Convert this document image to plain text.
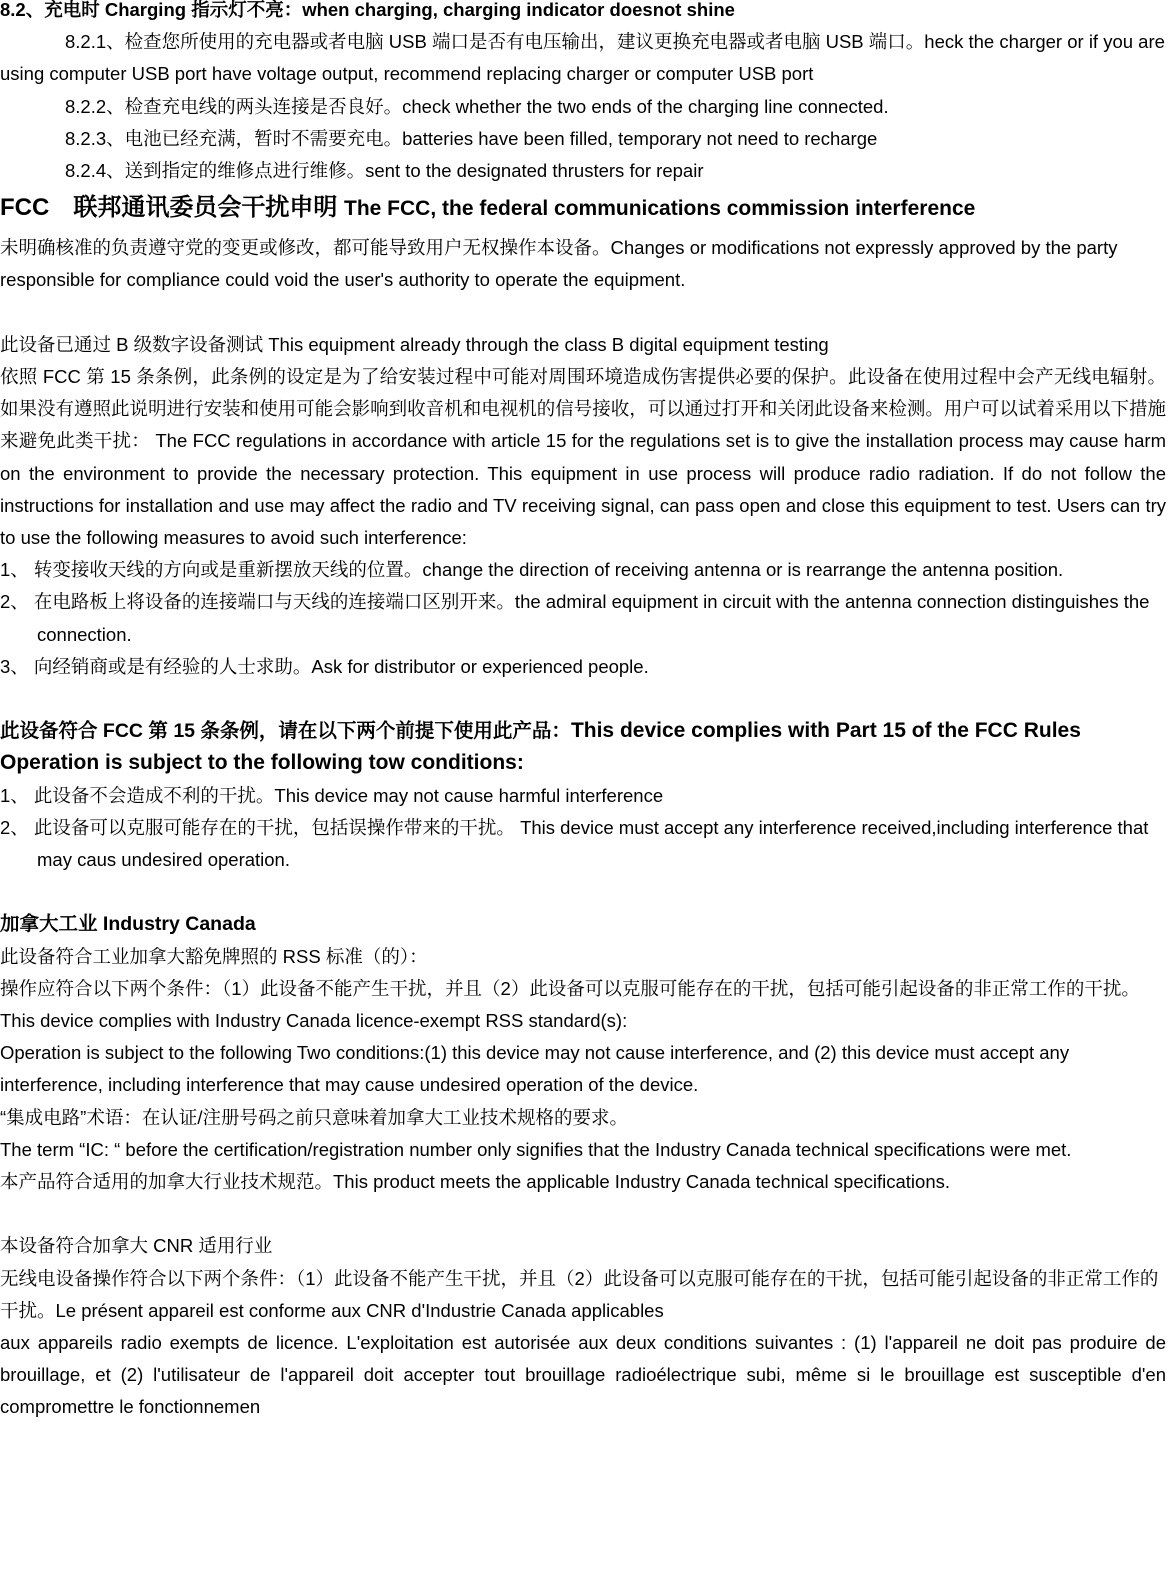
8.2、充电时 Charging 指示灯不亮：when charging, charging indicator doesnot shine

8.2.1、检查您所使用的充电器或者电脑 USB 端口是否有电压输出，建议更换充电器或者电脑 USB 端口。heck the charger or if you are using computer USB port have voltage output, recommend replacing charger or computer USB port

8.2.2、检查充电线的两头连接是否良好。check whether the two ends of the charging line connected.

8.2.3、电池已经充满，暂时不需要充电。batteries have been filled, temporary not need to recharge

8.2.4、送到指定的维修点进行维修。sent to the designated thrusters for repair

FCC　联邦通讯委员会干扰申明 The FCC, the federal communications commission interference

未明确核准的负责遵守党的变更或修改，都可能导致用户无权操作本设备。Changes or modifications not expressly approved by the party responsible for compliance could void the user's authority to operate the equipment.

此设备已通过 B 级数字设备测试 This equipment already through the class B digital equipment testing

依照 FCC 第 15 条条例，此条例的设定是为了给安装过程中可能对周围环境造成伤害提供必要的保护。此设备在使用过程中会产无线电辐射。如果没有遵照此说明进行安装和使用可能会影响到收音机和电视机的信号接收，可以通过打开和关闭此设备来检测。用户可以试着采用以下措施来避免此类干扰： The FCC regulations in accordance with article 15 for the regulations set is to give the installation process may cause harm on the environment to provide the necessary protection. This equipment in use process will produce radio radiation. If do not follow the instructions for installation and use may affect the radio and TV receiving signal, can pass open and close this equipment to test. Users can try to use the following measures to avoid such interference:

1、 转变接收天线的方向或是重新摆放天线的位置。change the direction of receiving antenna or is rearrange the antenna position.

2、 在电路板上将设备的连接端口与天线的连接端口区别开来。the admiral equipment in circuit with the antenna connection distinguishes the connection.

3、 向经销商或是有经验的人士求助。Ask for distributor or experienced people.

此设备符合 FCC 第 15 条条例，请在以下两个前提下使用此产品：This device complies with Part 15 of the FCC Rules Operation is subject to the following tow conditions:

1、 此设备不会造成不利的干扰。This device may not cause harmful interference

2、 此设备可以克服可能存在的干扰，包括误操作带来的干扰。 This device must accept any interference received,including interference that may caus undesired operation.

加拿大工业 Industry Canada

此设备符合工业加拿大豁免牌照的 RSS 标准（的）：

操作应符合以下两个条件：（1）此设备不能产生干扰，并且（2）此设备可以克服可能存在的干扰，包括可能引起设备的非正常工作的干扰。

This device complies with Industry Canada licence-exempt RSS standard(s):

Operation is subject to the following Two conditions:(1) this device may not cause interference, and (2) this device must accept any interference, including interference that may cause undesired operation of the device.

“集成电路”术语：在认证/注册号码之前只意味着加拿大工业技术规格的要求。

The term “IC: “ before the certification/registration number only signifies that the Industry Canada technical specifications were met.

本产品符合适用的加拿大行业技术规范。This product meets the applicable Industry Canada technical specifications.

本设备符合加拿大 CNR 适用行业

无线电设备操作符合以下两个条件：（1）此设备不能产生干扰，并且（2）此设备可以克服可能存在的干扰，包括可能引起设备的非正常工作的干扰。Le présent appareil est conforme aux CNR d'Industrie Canada applicables

aux appareils radio exempts de licence. L'exploitation est autorisée aux deux conditions suivantes : (1) l'appareil ne doit pas produire de brouillage, et (2) l'utilisateur de l'appareil doit accepter tout brouillage radioélectrique subi, même si le brouillage est susceptible d'en compromettre le fonctionnemen
